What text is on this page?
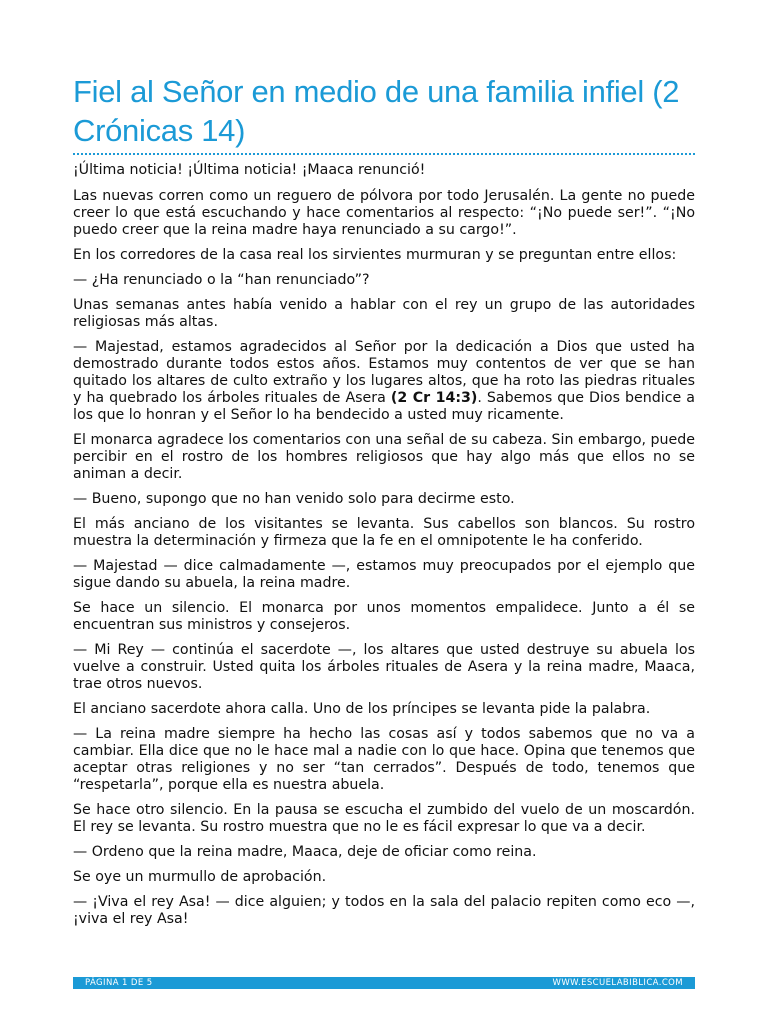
Fiel al Señor en medio de una familia infiel (2 Crónicas 14)

¡Última noticia! ¡Última noticia! ¡Maaca renunció!

Las nuevas corren como un reguero de pólvora por todo Jerusalén. La gente no puede creer lo que está escuchando y hace comentarios al respecto: “¡No puede ser!”. “¡No puedo creer que la reina madre haya renunciado a su cargo!”.

En los corredores de la casa real los sirvientes murmuran y se preguntan entre ellos:

— ¿Ha renunciado o la “han renunciado”?

Unas semanas antes había venido a hablar con el rey un grupo de las autoridades religiosas más altas.

— Majestad, estamos agradecidos al Señor por la dedicación a Dios que usted ha demostrado durante todos estos años. Estamos muy contentos de ver que se han quitado los altares de culto extraño y los lugares altos, que ha roto las piedras rituales y ha quebrado los árboles rituales de Asera (2 Cr 14:3). Sabemos que Dios bendice a los que lo honran y el Señor lo ha bendecido a usted muy ricamente.

El monarca agradece los comentarios con una señal de su cabeza. Sin embargo, puede percibir en el rostro de los hombres religiosos que hay algo más que ellos no se animan a decir.

— Bueno, supongo que no han venido solo para decirme esto.

El más anciano de los visitantes se levanta. Sus cabellos son blancos. Su rostro muestra la determinación y firmeza que la fe en el omnipotente le ha conferido.

— Majestad — dice calmadamente —, estamos muy preocupados por el ejemplo que sigue dando su abuela, la reina madre.

Se hace un silencio. El monarca por unos momentos empalidece. Junto a él se encuentran sus ministros y consejeros.

— Mi Rey — continúa el sacerdote —, los altares que usted destruye su abuela los vuelve a construir. Usted quita los árboles rituales de Asera y la reina madre, Maaca, trae otros nuevos.

El anciano sacerdote ahora calla. Uno de los príncipes se levanta pide la palabra.

— La reina madre siempre ha hecho las cosas así y todos sabemos que no va a cambiar. Ella dice que no le hace mal a nadie con lo que hace. Opina que tenemos que aceptar otras religiones y no ser “tan cerrados”. Después de todo, tenemos que “respetarla”, porque ella es nuestra abuela.

Se hace otro silencio. En la pausa se escucha el zumbido del vuelo de un moscardón. El rey se levanta. Su rostro muestra que no le es fácil expresar lo que va a decir.

— Ordeno que la reina madre, Maaca, deje de oficiar como reina.

Se oye un murmullo de aprobación.

— ¡Viva el rey Asa! — dice alguien; y todos en la sala del palacio repiten como eco —, ¡viva el rey Asa!

PÁGINA 1 DE 5	WWW.ESCUELABIBLICA.COM
